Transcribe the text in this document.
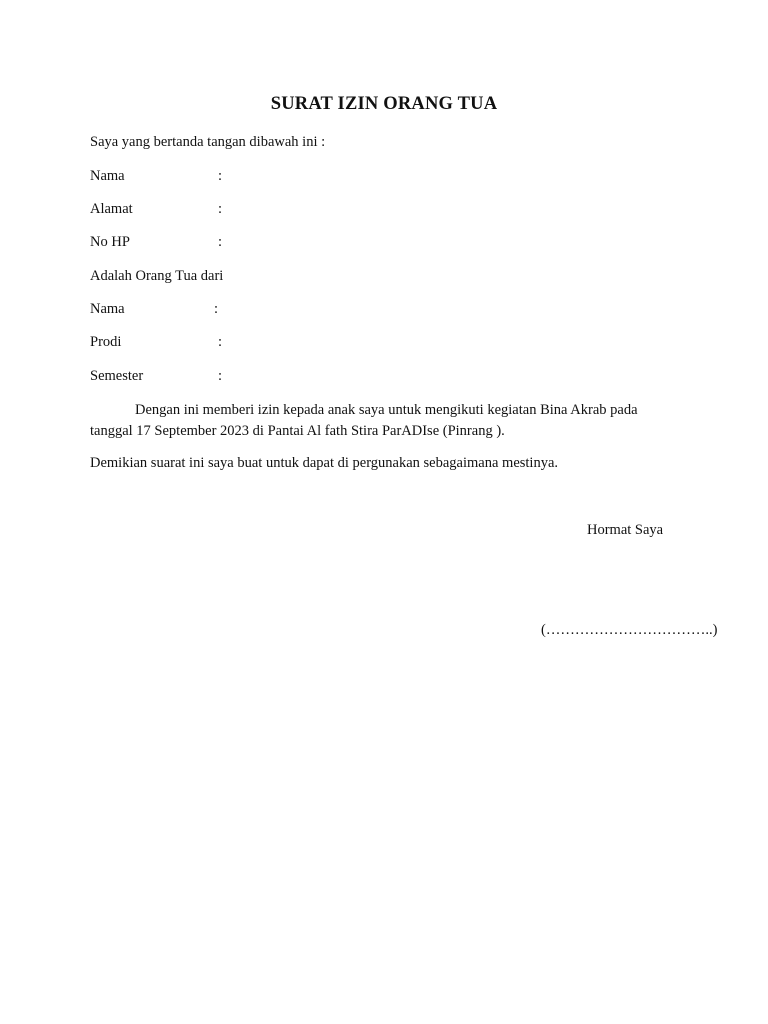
SURAT IZIN ORANG TUA
Saya yang bertanda tangan dibawah ini :
Nama	:
Alamat	:
No HP	:
Adalah Orang Tua dari
Nama	:
Prodi	:
Semester	:
Dengan ini memberi izin kepada anak saya untuk mengikuti kegiatan Bina Akrab pada tanggal 17 September 2023 di Pantai Al fath Stira ParADIse (Pinrang ).
Demikian suarat ini saya buat untuk dapat di pergunakan sebagaimana mestinya.
Hormat Saya
(……………………………..)
